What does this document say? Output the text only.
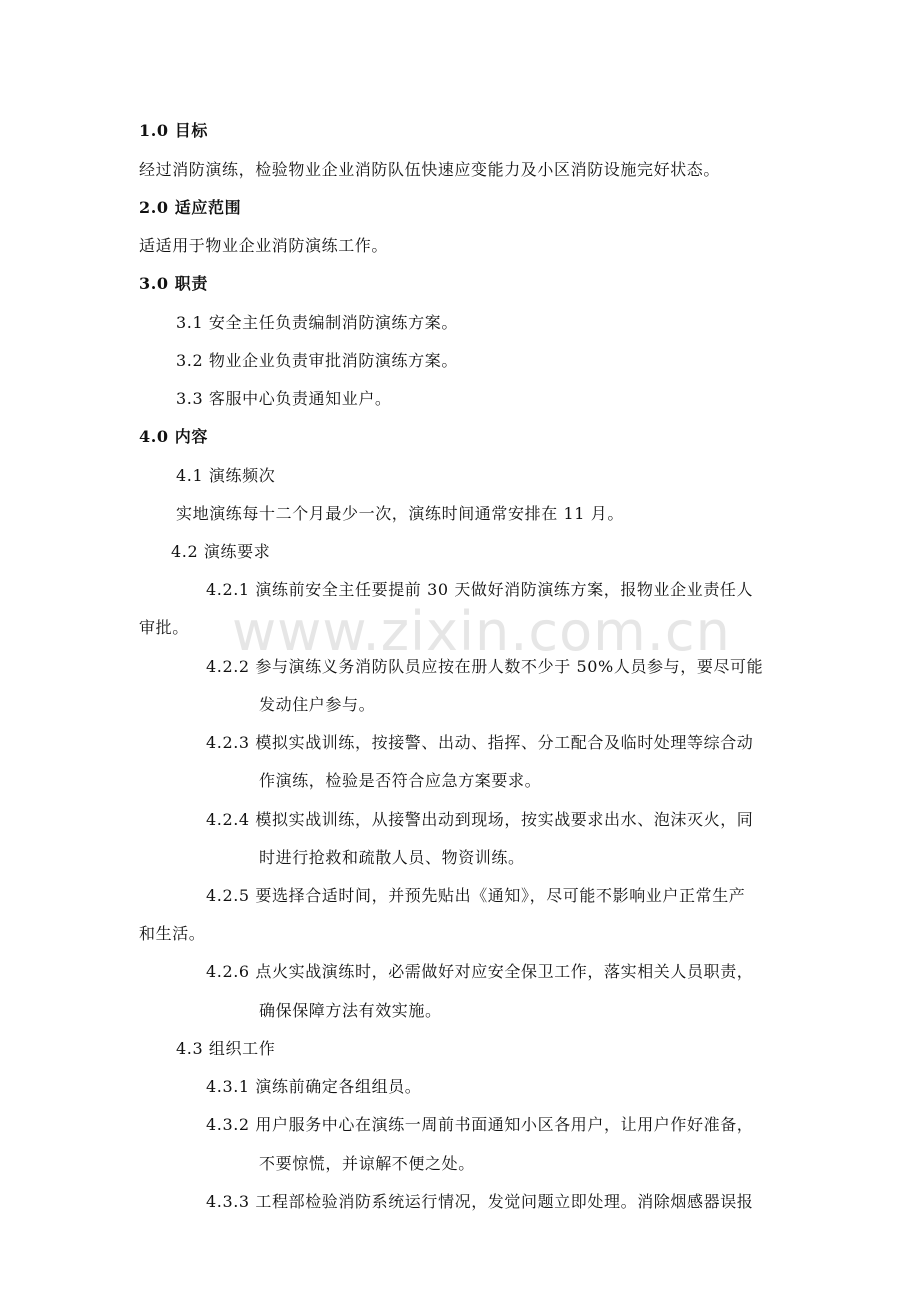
www.zixin.com.cn
1.0 目标
经过消防演练，检验物业企业消防队伍快速应变能力及小区消防设施完好状态。
2.0 适应范围
适适用于物业企业消防演练工作。
3.0 职责
3.1 安全主任负责编制消防演练方案。
3.2 物业企业负责审批消防演练方案。
3.3 客服中心负责通知业户。
4.0 内容
4.1 演练频次
实地演练每十二个月最少一次，演练时间通常安排在 11 月。
4.2 演练要求
4.2.1 演练前安全主任要提前 30 天做好消防演练方案，报物业企业责任人
审批。
4.2.2 参与演练义务消防队员应按在册人数不少于 50%人员参与，要尽可能
发动住户参与。
4.2.3 模拟实战训练，按接警、出动、指挥、分工配合及临时处理等综合动
作演练，检验是否符合应急方案要求。
4.2.4 模拟实战训练，从接警出动到现场，按实战要求出水、泡沫灭火，同
时进行抢救和疏散人员、物资训练。
4.2.5 要选择合适时间，并预先贴出《通知》，尽可能不影响业户正常生产
和生活。
4.2.6 点火实战演练时，必需做好对应安全保卫工作，落实相关人员职责，
确保保障方法有效实施。
4.3 组织工作
4.3.1 演练前确定各组组员。
4.3.2 用户服务中心在演练一周前书面通知小区各用户，让用户作好准备，
不要惊慌，并谅解不便之处。
4.3.3 工程部检验消防系统运行情况，发觉问题立即处理。消除烟感器误报
